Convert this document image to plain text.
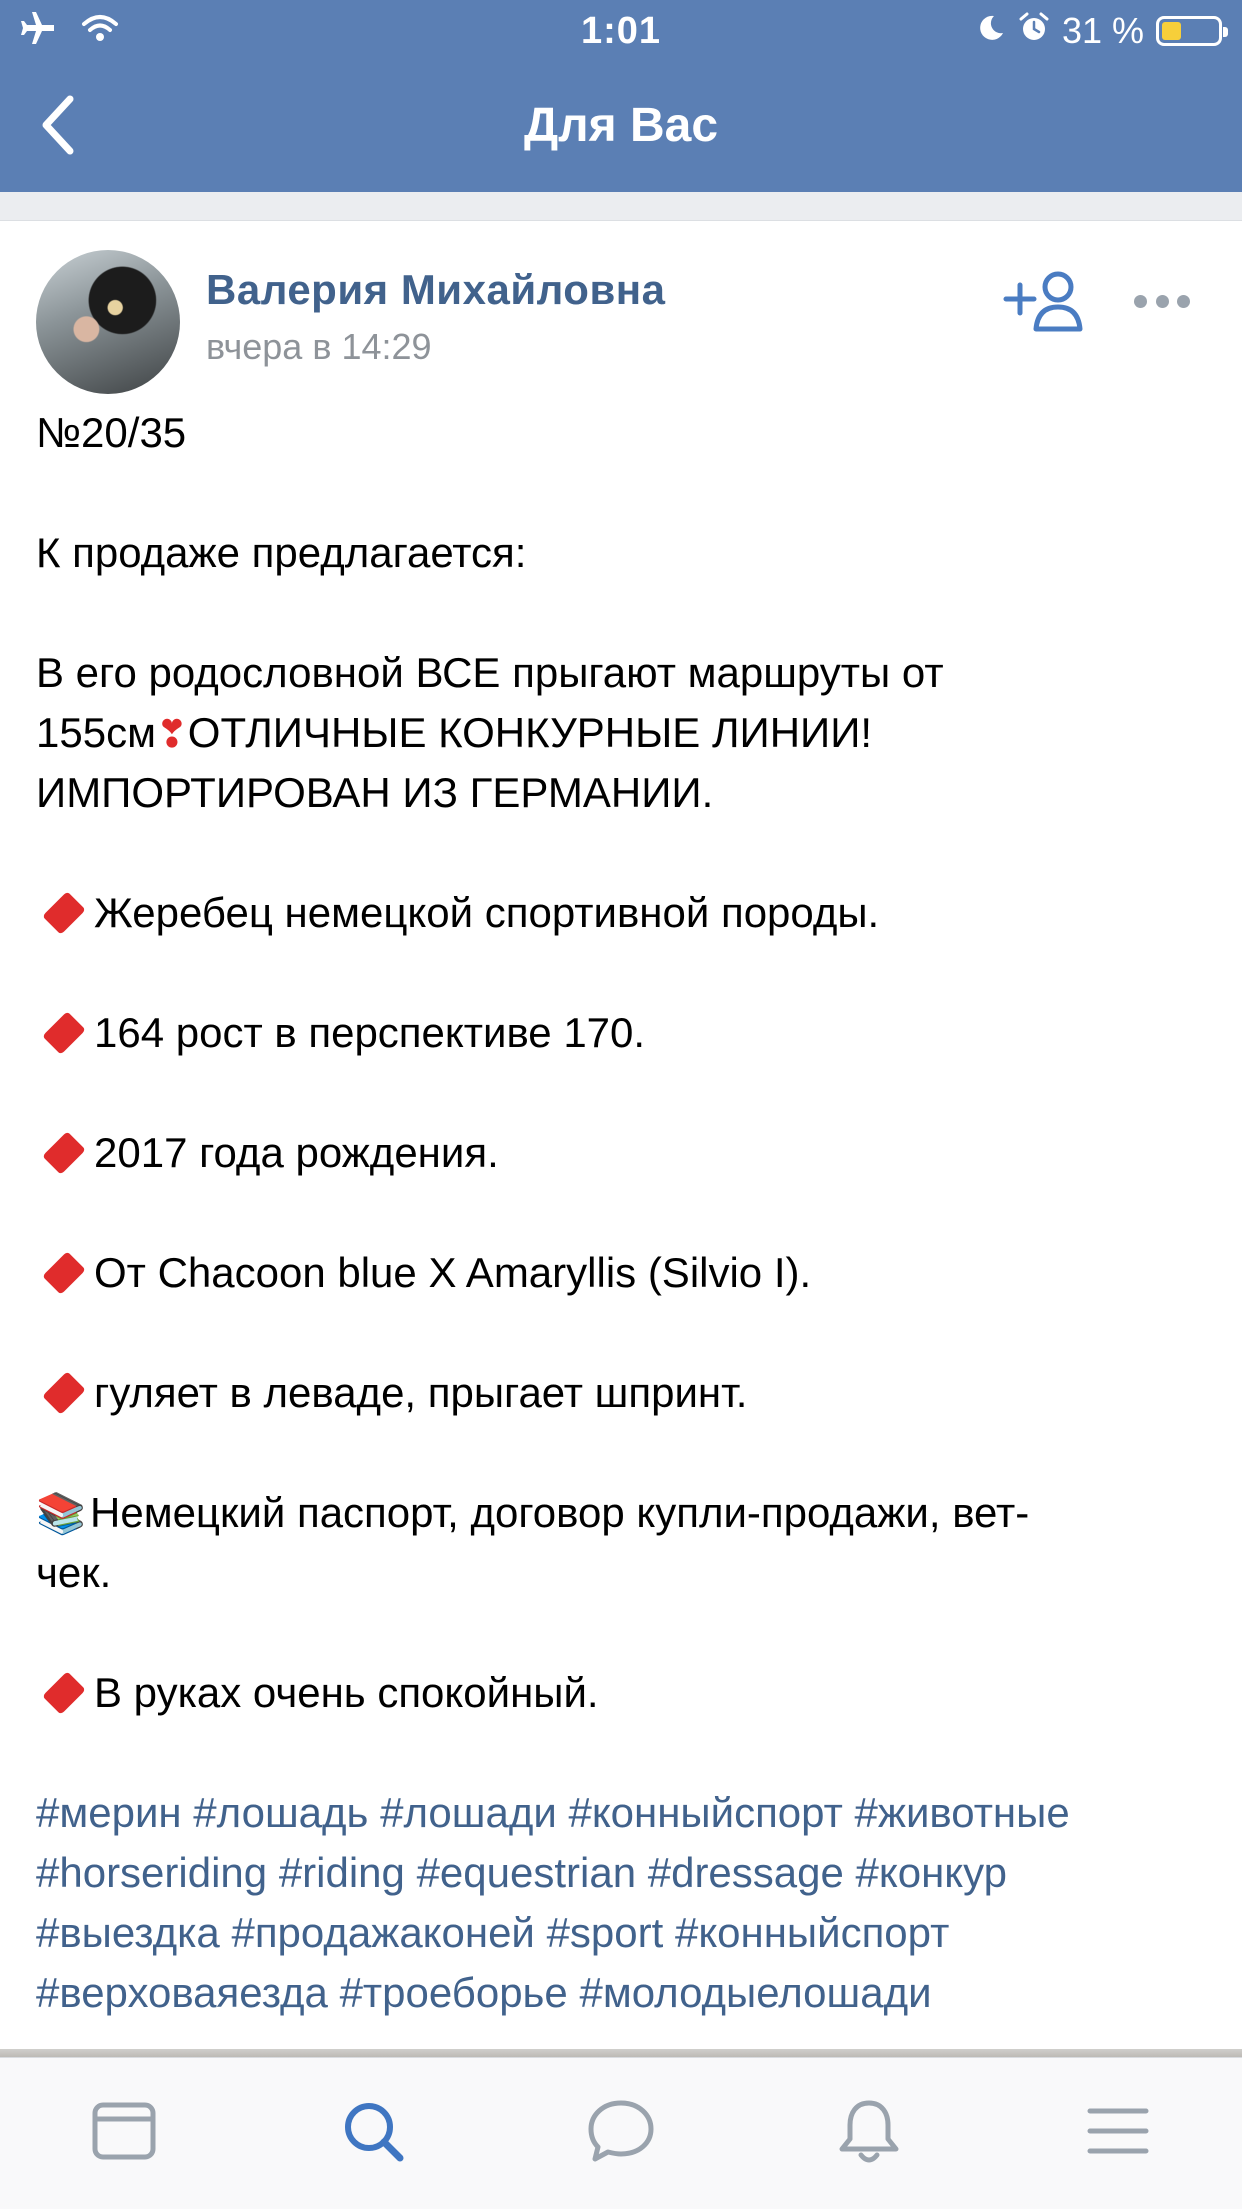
1:01	31 %
Для Вас
Валерия Михайловна
вчера в 14:29
№20/35
К продаже предлагается:
В его родословной ВСЕ прыгают маршруты от
155см❣ОТЛИЧНЫЕ КОНКУРНЫЕ ЛИНИИ!
ИМПОРТИРОВАН ИЗ ГЕРМАНИИ.
Жеребец немецкой спортивной породы.
164 рост в перспективе 170.
2017 года рождения.
От Chacoon blue X Amaryllis (Silvio I).
гуляет в леваде, прыгает шпринт.
📚Немецкий паспорт, договор купли-продажи, вет-
чек.
В руках очень спокойный.
#мерин #лошадь #лошади #конныйспорт #животные
#horseriding #riding #equestrian #dressage #конкур
#выездка #продажаконей #sport #конныйспорт
#верховаяезда #троеборье #молодыелошади
